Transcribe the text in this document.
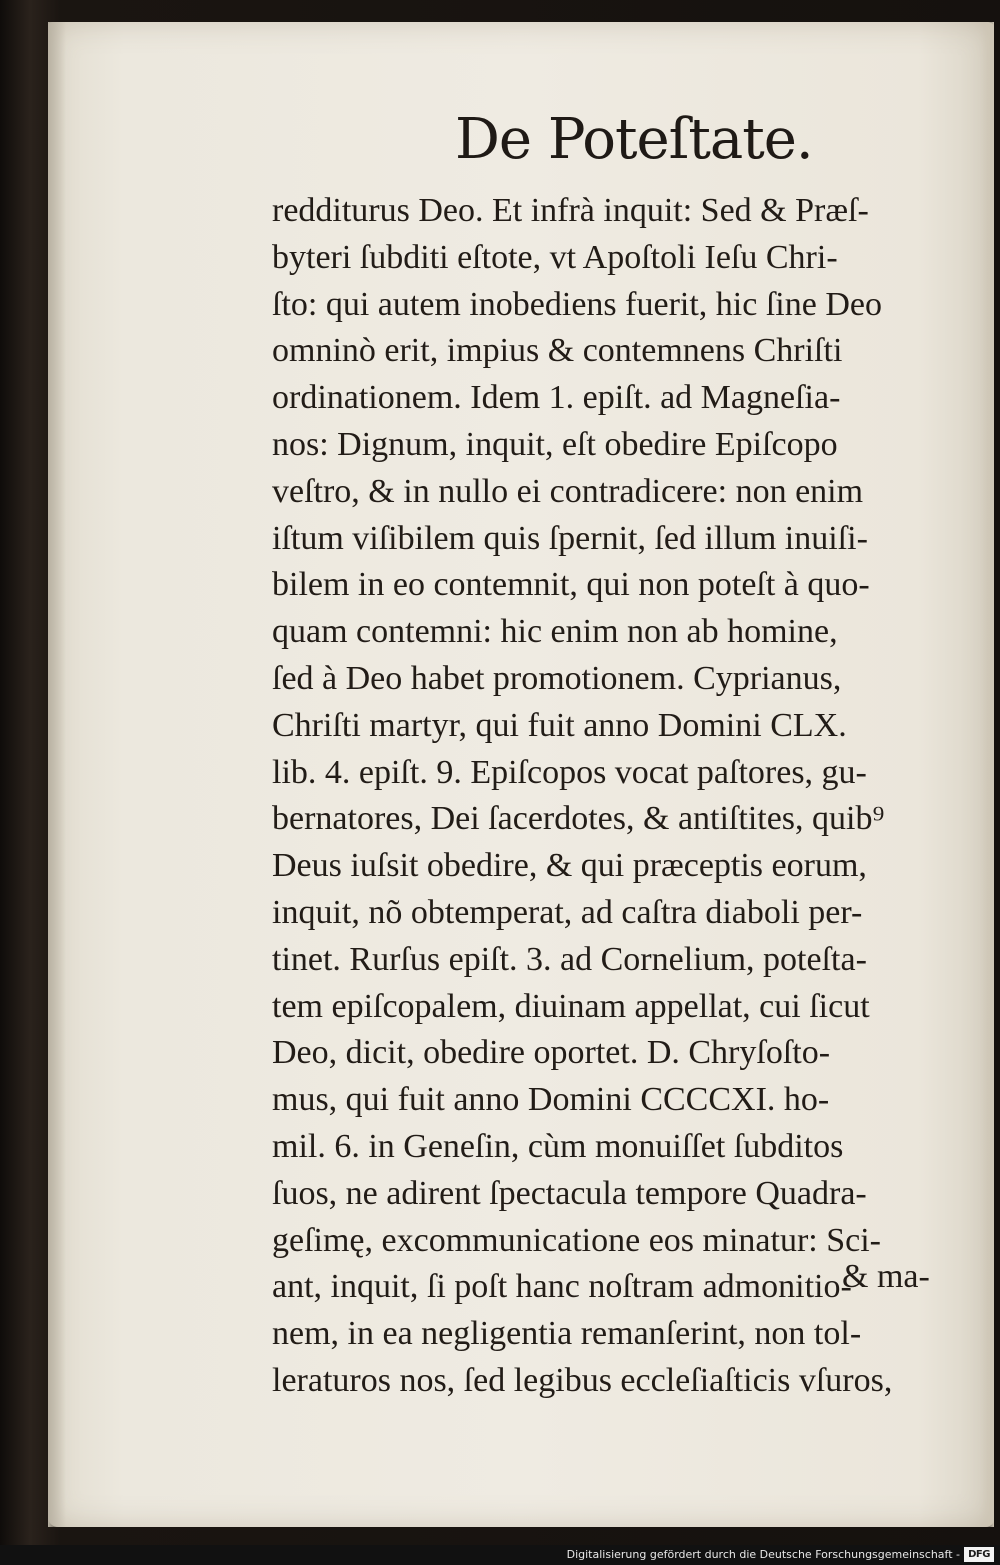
De Poteſtate.
redditurus Deo. Et infrà inquit: Sed & Præſ-
byteri ſubditi eſtote, vt Apoſtoli Ieſu Chri-
ſto: qui autem inobediens fuerit, hic ſine Deo
omninò erit, impius & contemnens Chriſti
ordinationem. Idem 1. epiſt. ad Magneſia-
nos: Dignum, inquit, eſt obedire Epiſcopo
veſtro, & in nullo ei contradicere: non enim
iſtum viſibilem quis ſpernit, ſed illum inuiſi-
bilem in eo contemnit, qui non poteſt à quo-
quam contemni: hic enim non ab homine,
ſed à Deo habet promotionem. Cyprianus,
Chriſti martyr, qui fuit anno Domini CLX.
lib. 4. epiſt. 9. Epiſcopos vocat paſtores, gu-
bernatores, Dei ſacerdotes, & antiſtites, quib⁹
Deus iuſsit obedire, & qui præceptis eorum,
inquit, nõ obtemperat, ad caſtra diaboli per-
tinet. Rurſus epiſt. 3. ad Cornelium, poteſta-
tem epiſcopalem, diuinam appellat, cui ſicut
Deo, dicit, obedire oportet. D. Chryſoſto-
mus, qui fuit anno Domini CCCCXI. ho-
mil. 6. in Geneſin, cùm monuiſſet ſubditos
ſuos, ne adirent ſpectacula tempore Quadra-
geſimę, excommunicatione eos minatur: Sci-
ant, inquit, ſi poſt hanc noſtram admonitio-
nem, in ea negligentia remanſerint, non tol-
leraturos nos, ſed legibus eccleſiaſticis vſuros,
& ma-
Digitalisierung gefördert durch die Deutsche Forschungsgemeinschaft - DFG
